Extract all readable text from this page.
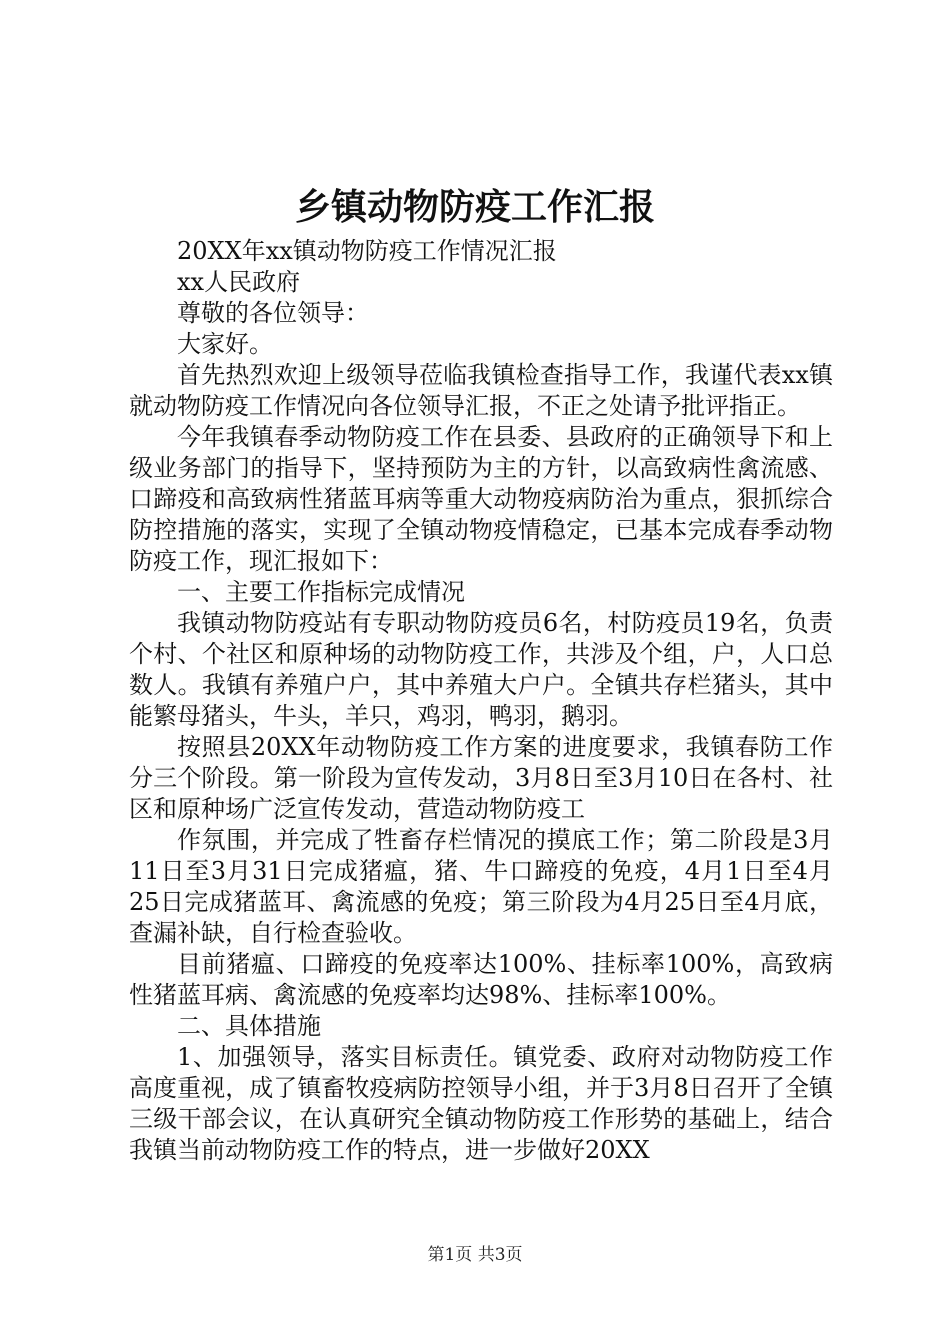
乡镇动物防疫工作汇报

20XX年xx镇动物防疫工作情况汇报

xx人民政府

尊敬的各位领导：

大家好。

首先热烈欢迎上级领导莅临我镇检查指导工作，我谨代表xx镇就动物防疫工作情况向各位领导汇报，不正之处请予批评指正。

今年我镇春季动物防疫工作在县委、县政府的正确领导下和上级业务部门的指导下，坚持预防为主的方针，以高致病性禽流感、口蹄疫和高致病性猪蓝耳病等重大动物疫病防治为重点，狠抓综合防控措施的落实，实现了全镇动物疫情稳定，已基本完成春季动物防疫工作，现汇报如下：

一、主要工作指标完成情况

我镇动物防疫站有专职动物防疫员6名，村防疫员19名，负责个村、个社区和原种场的动物防疫工作，共涉及个组，户，人口总数人。我镇有养殖户户，其中养殖大户户。全镇共存栏猪头，其中能繁母猪头，牛头，羊只，鸡羽，鸭羽，鹅羽。

按照县20XX年动物防疫工作方案的进度要求，我镇春防工作分三个阶段。第一阶段为宣传发动，3月8日至3月10日在各村、社区和原种场广泛宣传发动，营造动物防疫工

作氛围，并完成了牲畜存栏情况的摸底工作；第二阶段是3月11日至3月31日完成猪瘟，猪、牛口蹄疫的免疫，4月1日至4月25日完成猪蓝耳、禽流感的免疫；第三阶段为4月25日至4月底，查漏补缺，自行检查验收。

目前猪瘟、口蹄疫的免疫率达100%、挂标率100%，高致病性猪蓝耳病、禽流感的免疫率均达98%、挂标率100%。

二、具体措施

1、加强领导，落实目标责任。镇党委、政府对动物防疫工作高度重视，成了镇畜牧疫病防控领导小组，并于3月8日召开了全镇三级干部会议，在认真研究全镇动物防疫工作形势的基础上，结合我镇当前动物防疫工作的特点，进一步做好20XX

第1页 共3页
